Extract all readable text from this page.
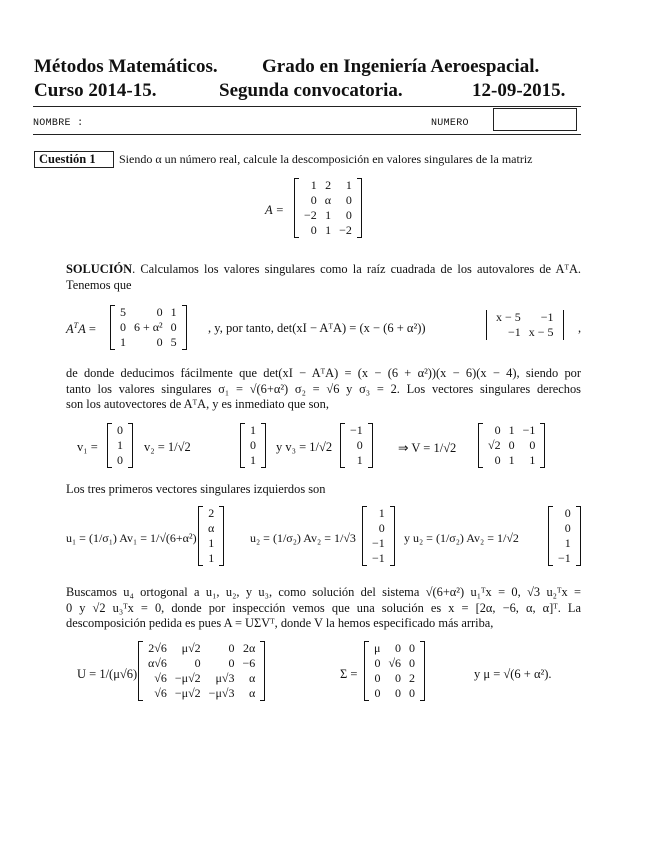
Métodos Matemáticos. Grado en Ingeniería Aeroespacial.
Curso 2014-15.	Segunda convocatoria.	12-09-2015.
NOMBRE :	NUMERO
Cuestión 1 Siendo α un número real, calcule la descomposición en valores singulares de la matriz
A =
1	2	1
0	α	0
−2	1	0
0	1	−2
SOLUCIÓN. Calculamos los valores singulares como la raíz cuadrada de los autovalores de AᵀA. Tenemos que
$A^TA$ =
5	0	1
0	6 + α²	0
1	0	5
, y, por tanto, det(xI − AᵀA) = (x − (6 + α²))
x − 5	−1
−1	x − 5 ,
de donde deducimos fácilmente que det(xI − AᵀA) = (x − (6 + α²))(x − 6)(x − 4), siendo por
tanto los valores singulares σ₁ = √(6+α²) σ₂ = √6 y σ₃ = 2. Los vectores singulares derechos
son los autovectores de AᵀA, y es inmediato que son,
v₁ =
0
1
0
v₂ = 1/√2
1
0
1
y v₃ = 1/√2
−1
0
1
⇒ V = 1/√2
0	1	−1
√2	0	0
0	1	1
Los tres primeros vectores singulares izquierdos son
u₁ = (1/σ₁) Av₁ = 1/√(6+α²)
2
α
1
1
u₂ = (1/σ₂) Av₂ = 1/√3
1
0
−1
−1
y u₂ = (1/σ₂) Av₂ = 1/√2
0
0
1
−1
Buscamos u₄ ortogonal a u₁, u₂, y u₃, como solución del sistema √(6+α²) u₁ᵀx = 0, √3 u₂ᵀx =
0 y √2 u₃ᵀx = 0, donde por inspección vemos que una solución es x = [2α, −6, α, α]ᵀ. La
descomposición pedida es pues A = UΣVᵀ, donde V la hemos especificado más arriba,
U = 1/(μ√6)
2√6	μ√2	0	2α
α√6	0	0	−6
√6	−μ√2	μ√3	α
√6	−μ√2	−μ√3	α
Σ =
μ	0	0
0	√6	0
0	0	2
0	0	0
y μ = √(6 + α²).
